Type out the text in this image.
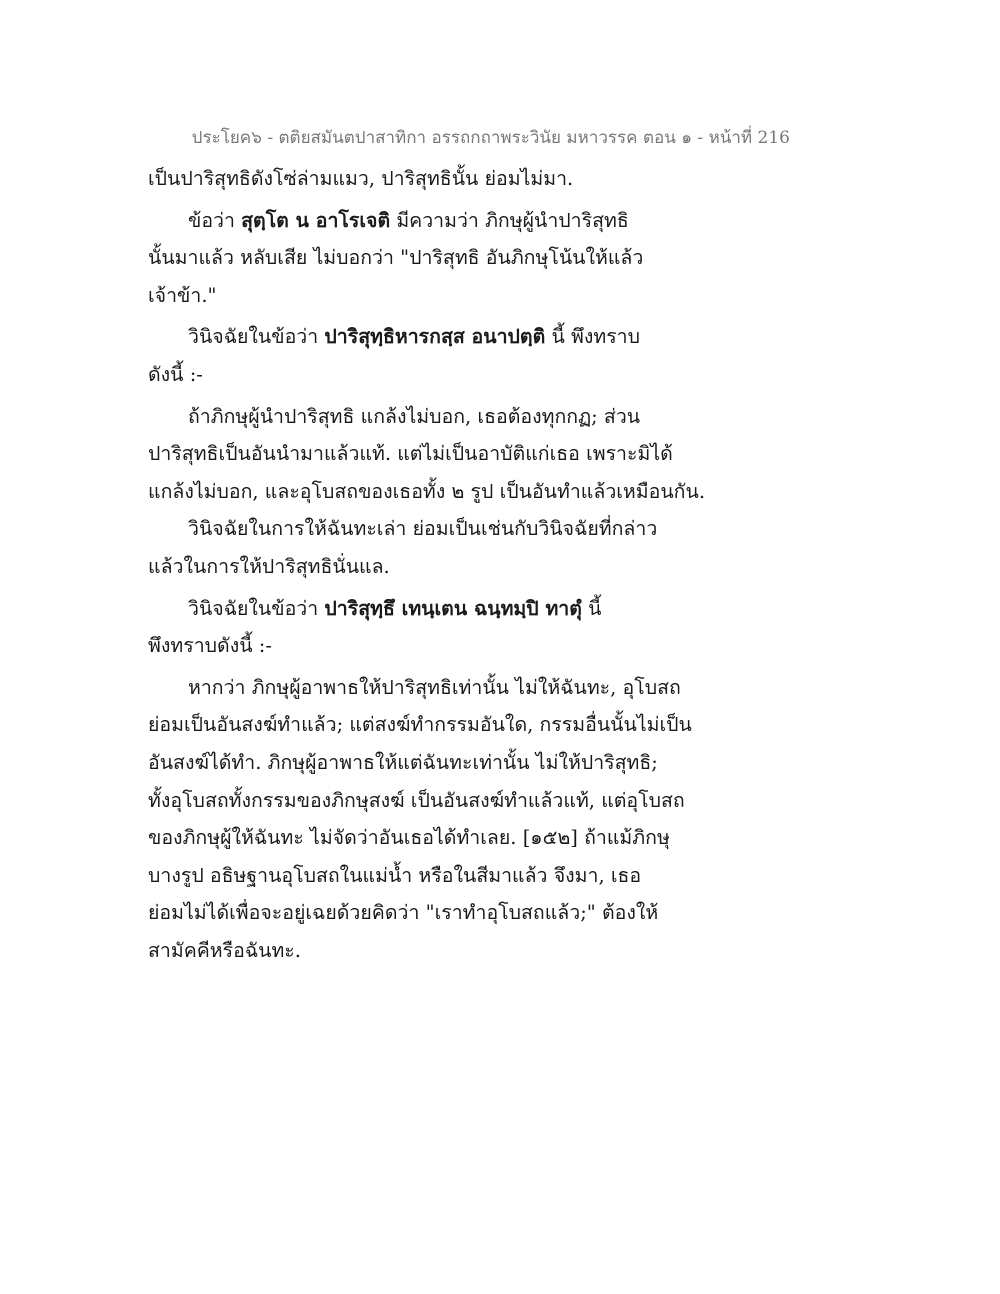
ประโยค๖ - ตติยสมันตปาสาทิกา อรรถกถาพระวินัย มหาวรรค ตอน ๑ - หน้าที่ 216
เป็นปาริสุทธิดังโซ่ล่ามแมว, ปาริสุทธินั้น ย่อมไม่มา.
ข้อว่า สุตฺโต น อาโรเจติ มีความว่า ภิกษุผู้นำปาริสุทธิ
นั้นมาแล้ว หลับเสีย ไม่บอกว่า "ปาริสุทธิ อันภิกษุโน้นให้แล้ว
เจ้าข้า."
วินิจฉัยในข้อว่า ปาริสุทฺธิหารกสฺส อนาปตฺติ นี้ พึงทราบ
ดังนี้ :-
ถ้าภิกษุผู้นำปาริสุทธิ แกล้งไม่บอก, เธอต้องทุกกฏ; ส่วน
ปาริสุทธิเป็นอันนำมาแล้วแท้. แต่ไม่เป็นอาบัติแก่เธอ เพราะมิได้
แกล้งไม่บอก, และอุโบสถของเธอทั้ง ๒ รูป เป็นอันทำแล้วเหมือนกัน.
วินิจฉัยในการให้ฉันทะเล่า ย่อมเป็นเช่นกับวินิจฉัยที่กล่าว
แล้วในการให้ปาริสุทธินั่นแล.
วินิจฉัยในข้อว่า ปาริสุทฺธึ เทนฺเตน ฉนฺทมฺปิ ทาตุํ นี้
พึงทราบดังนี้ :-
หากว่า ภิกษุผู้อาพาธให้ปาริสุทธิเท่านั้น ไม่ให้ฉันทะ, อุโบสถ
ย่อมเป็นอันสงฆ์ทำแล้ว; แต่สงฆ์ทำกรรมอันใด, กรรมอื่นนั้นไม่เป็น
อันสงฆ์ได้ทำ. ภิกษุผู้อาพาธให้แต่ฉันทะเท่านั้น ไม่ให้ปาริสุทธิ;
ทั้งอุโบสถทั้งกรรมของภิกษุสงฆ์ เป็นอันสงฆ์ทำแล้วแท้, แต่อุโบสถ
ของภิกษุผู้ให้ฉันทะ ไม่จัดว่าอันเธอได้ทำเลย. [๑๕๒] ถ้าแม้ภิกษุ
บางรูป อธิษฐานอุโบสถในแม่น้ำ หรือในสีมาแล้ว จึงมา, เธอ
ย่อมไม่ได้เพื่อจะอยู่เฉยด้วยคิดว่า "เราทำอุโบสถแล้ว;" ต้องให้
สามัคคีหรือฉันทะ.
